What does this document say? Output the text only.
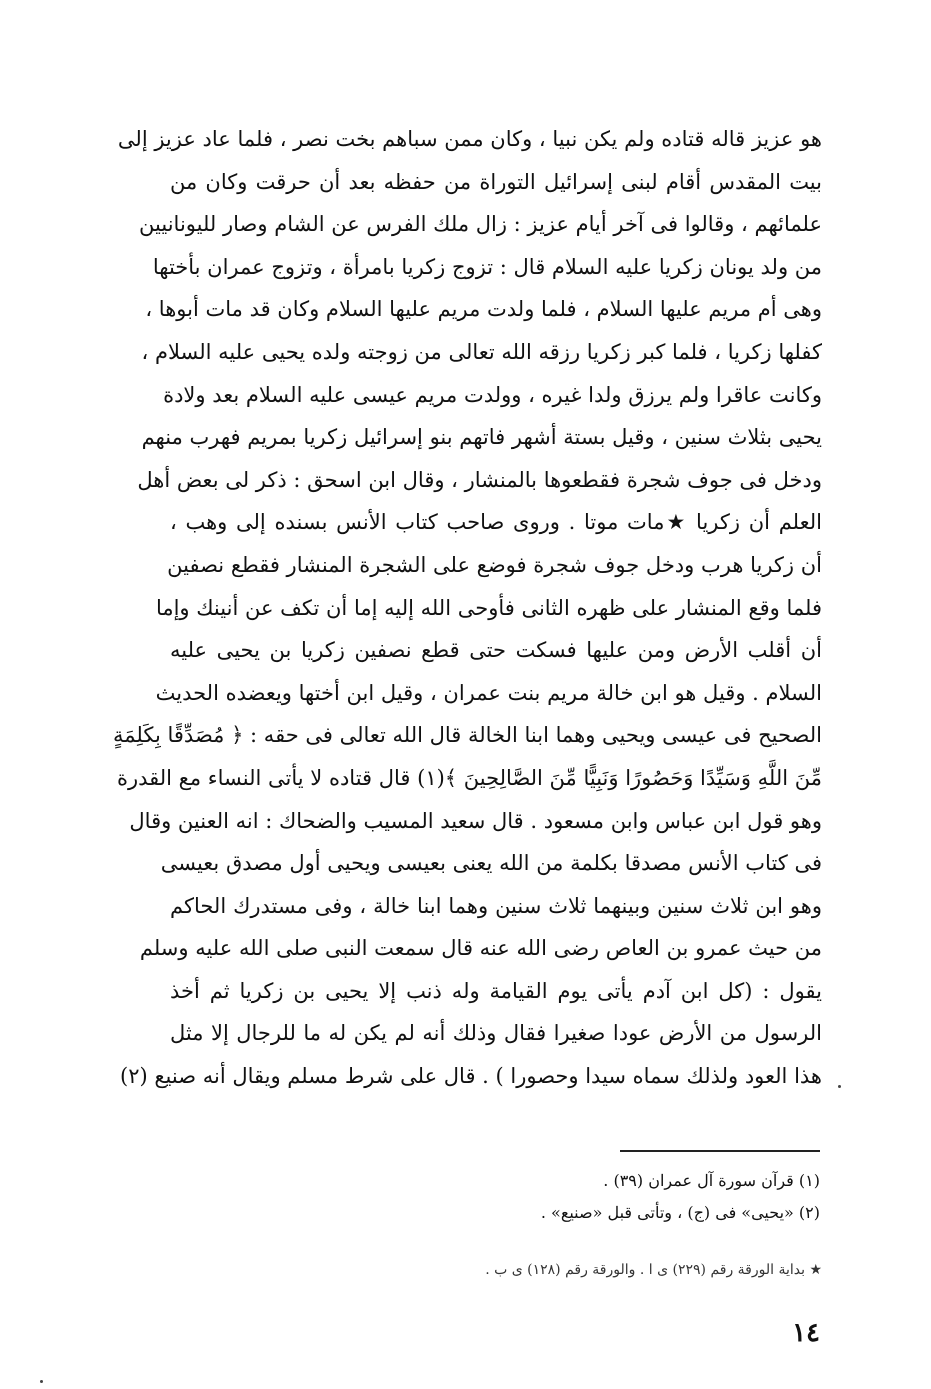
هو عزيز قاله قتاده ولم يكن نبيا ، وكان ممن سباهم بخت نصر ، فلما عاد عزيز إلى
بيت المقدس أقام لبنى إسرائيل التوراة من حفظه بعد أن حرقت وكان من
علمائهم ، وقالوا فى آخر أيام عزيز : زال ملك الفرس عن الشام وصار لليونانيين
من ولد يونان زكريا عليه السلام قال : تزوج زكريا بامرأة ، وتزوج عمران بأختها
وهى أم مريم عليها السلام ، فلما ولدت مريم عليها السلام وكان قد مات أبوها ،
كفلها زكريا ، فلما كبر زكريا رزقه الله تعالى من زوجته ولده يحيى عليه السلام ،
وكانت عاقرا ولم يرزق ولدا غيره ، وولدت مريم عيسى عليه السلام بعد ولادة
يحيى بثلاث سنين ، وقيل بستة أشهر فاتهم بنو إسرائيل زكريا بمريم فهرب منهم
ودخل فى جوف شجرة فقطعوها بالمنشار ، وقال ابن اسحق : ذكر لى بعض أهل
العلم أن زكريا ★مات موتا . وروى صاحب كتاب الأنس بسنده إلى وهب ،
أن زكريا هرب ودخل جوف شجرة فوضع على الشجرة المنشار فقطع نصفين
فلما وقع المنشار على ظهره الثانى فأوحى الله إليه إما أن تكف عن أنينك وإما
أن أقلب الأرض ومن عليها فسكت حتى قطع نصفين زكريا بن يحيى عليه
السلام . وقيل هو ابن خالة مريم بنت عمران ، وقيل ابن أختها ويعضده الحديث
الصحيح فى عيسى ويحيى وهما ابنا الخالة قال الله تعالى فى حقه : ﴿ مُصَدِّقًا بِكَلِمَةٍ
مِّنَ اللَّهِ وَسَيِّدًا وَحَصُورًا وَنَبِيًّا مِّنَ الصَّالِحِينَ ﴾(١) قال قتاده لا يأتى النساء مع القدرة
وهو قول ابن عباس وابن مسعود . قال سعيد المسيب والضحاك : انه العنين وقال
فى كتاب الأنس مصدقا بكلمة من الله يعنى بعيسى ويحيى أول مصدق بعيسى
وهو ابن ثلاث سنين وبينهما ثلاث سنين وهما ابنا خالة ، وفى مستدرك الحاكم
من حيث عمرو بن العاص رضى الله عنه قال سمعت النبى صلى الله عليه وسلم
يقول : (كل ابن آدم يأتى يوم القيامة وله ذنب إلا يحيى بن زكريا ثم أخذ
الرسول من الأرض عودا صغيرا فقال وذلك أنه لم يكن له ما للرجال إلا مثل
هذا العود ولذلك سماه سيدا وحصورا ) . قال على شرط مسلم ويقال أنه صنيع (٢)
(١) قرآن سورة آل عمران (٣٩) .
(٢) «يحيى» فى (ج) ، وتأتى قبل «صنيع» .
★ بداية الورقة رقم (٢٢٩) ى ا . والورقة رقم (١٢٨) ى ب .
١٤
